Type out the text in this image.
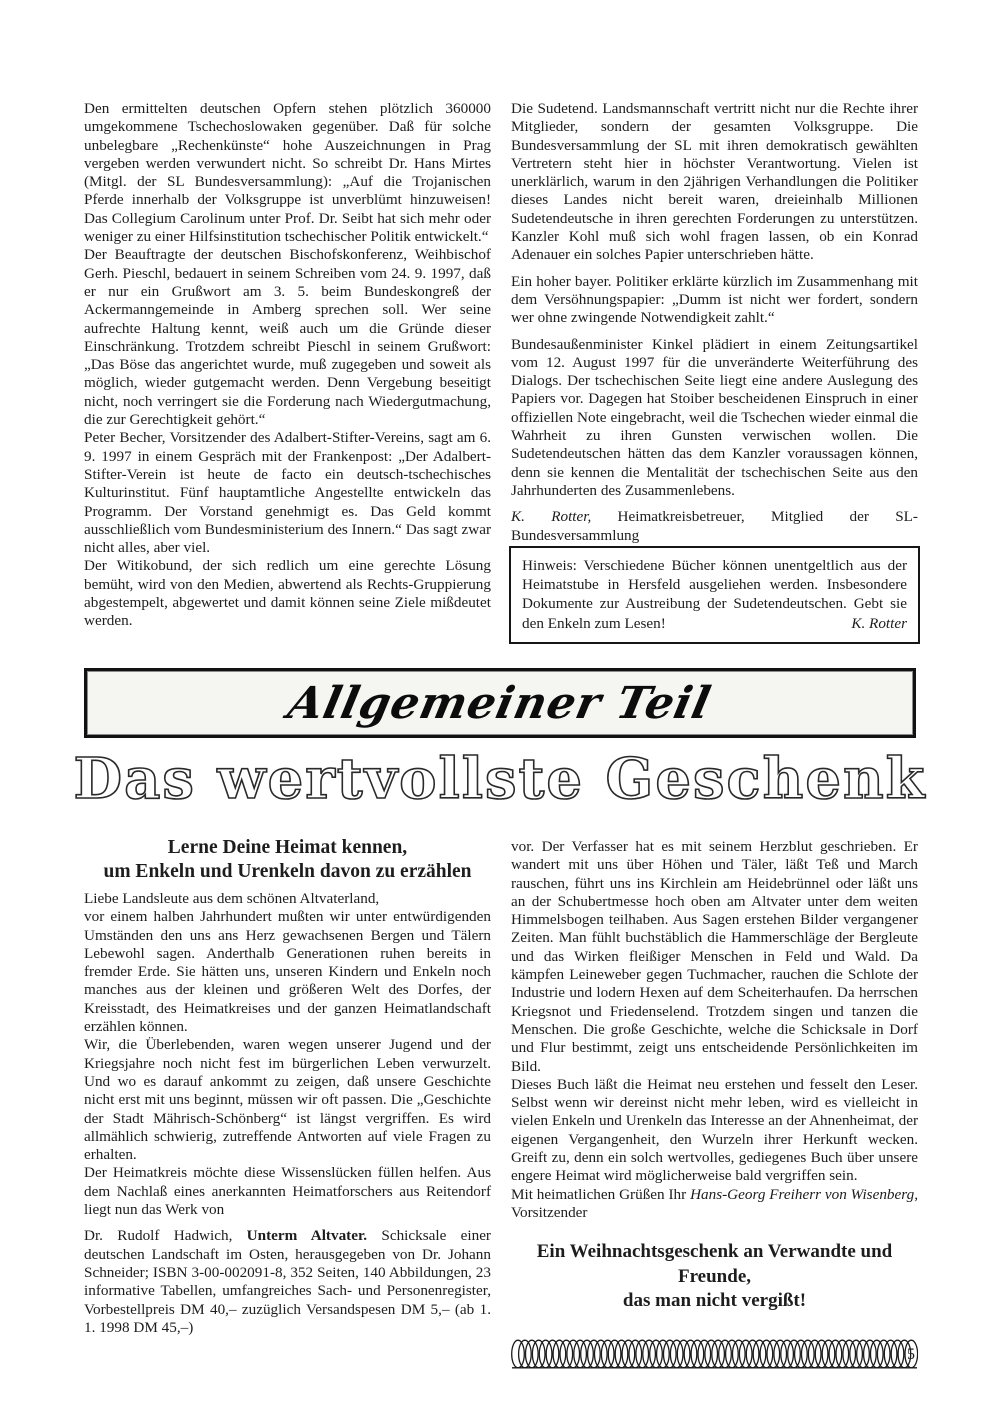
Den ermittelten deutschen Opfern stehen plötzlich 360000 umgekommene Tschechoslowaken gegenüber. Daß für solche unbelegbare „Rechenkünste“ hohe Auszeichnungen in Prag vergeben werden verwundert nicht. So schreibt Dr. Hans Mirtes (Mitgl. der SL Bundesversammlung): „Auf die Trojanischen Pferde innerhalb der Volksgruppe ist unverblümt hinzuweisen! Das Collegium Carolinum unter Prof. Dr. Seibt hat sich mehr oder weniger zu einer Hilfsinstitution tschechischer Politik entwickelt.“

Der Beauftragte der deutschen Bischofskonferenz, Weihbischof Gerh. Pieschl, bedauert in seinem Schreiben vom 24. 9. 1997, daß er nur ein Grußwort am 3. 5. beim Bundeskongreß der Ackermanngemeinde in Amberg sprechen soll. Wer seine aufrechte Haltung kennt, weiß auch um die Gründe dieser Einschränkung. Trotzdem schreibt Pieschl in seinem Grußwort: „Das Böse das angerichtet wurde, muß zugegeben und soweit als möglich, wieder gutgemacht werden. Denn Vergebung beseitigt nicht, noch verringert sie die Forderung nach Wiedergutmachung, die zur Gerechtigkeit gehört.“

Peter Becher, Vorsitzender des Adalbert-Stifter-Vereins, sagt am 6. 9. 1997 in einem Gespräch mit der Frankenpost: „Der Adalbert-Stifter-Verein ist heute de facto ein deutsch-tschechisches Kulturinstitut. Fünf hauptamtliche Angestellte entwickeln das Programm. Der Vorstand genehmigt es. Das Geld kommt ausschließlich vom Bundesministerium des Innern.“ Das sagt zwar nicht alles, aber viel.

Der Witikobund, der sich redlich um eine gerechte Lösung bemüht, wird von den Medien, abwertend als Rechts-Gruppierung abgestempelt, abgewertet und damit können seine Ziele mißdeutet werden.

Die Sudetend. Landsmannschaft vertritt nicht nur die Rechte ihrer Mitglieder, sondern der gesamten Volksgruppe. Die Bundesversammlung der SL mit ihren demokratisch gewählten Vertretern steht hier in höchster Verantwortung. Vielen ist unerklärlich, warum in den 2jährigen Verhandlungen die Politiker dieses Landes nicht bereit waren, dreieinhalb Millionen Sudetendeutsche in ihren gerechten Forderungen zu unterstützen. Kanzler Kohl muß sich wohl fragen lassen, ob ein Konrad Adenauer ein solches Papier unterschrieben hätte.

Ein hoher bayer. Politiker erklärte kürzlich im Zusammenhang mit dem Versöhnungspapier: „Dumm ist nicht wer fordert, sondern wer ohne zwingende Notwendigkeit zahlt.“

Bundesaußenminister Kinkel plädiert in einem Zeitungsartikel vom 12. August 1997 für die unveränderte Weiterführung des Dialogs. Der tschechischen Seite liegt eine andere Auslegung des Papiers vor. Dagegen hat Stoiber bescheidenen Einspruch in einer offiziellen Note eingebracht, weil die Tschechen wieder einmal die Wahrheit zu ihren Gunsten verwischen wollen. Die Sudetendeutschen hätten das dem Kanzler voraussagen können, denn sie kennen die Mentalität der tschechischen Seite aus den Jahrhunderten des Zusammenlebens.

K. Rotter, Heimatkreisbetreuer, Mitglied der SL-Bundesversammlung

Hinweis: Verschiedene Bücher können unentgeltlich aus der Heimatstube in Hersfeld ausgeliehen werden. Insbesondere Dokumente zur Austreibung der Sudetendeutschen. Gebt sie

den Enkeln zum Lesen!	K. Rotter
Allgemeiner Teil
Das wertvollste Geschenk
Lerne Deine Heimat kennen,
um Enkeln und Urenkeln davon zu erzählen

Liebe Landsleute aus dem schönen Altvaterland,

vor einem halben Jahrhundert mußten wir unter entwürdigenden Umständen den uns ans Herz gewachsenen Bergen und Tälern Lebewohl sagen. Anderthalb Generationen ruhen bereits in fremder Erde. Sie hätten uns, unseren Kindern und Enkeln noch manches aus der kleinen und größeren Welt des Dorfes, der Kreisstadt, des Heimatkreises und der ganzen Heimatlandschaft erzählen können.

Wir, die Überlebenden, waren wegen unserer Jugend und der Kriegsjahre noch nicht fest im bürgerlichen Leben verwurzelt. Und wo es darauf ankommt zu zeigen, daß unsere Geschichte nicht erst mit uns beginnt, müssen wir oft passen. Die „Geschichte der Stadt Mährisch-Schönberg“ ist längst vergriffen. Es wird allmählich schwierig, zutreffende Antworten auf viele Fragen zu erhalten.

Der Heimatkreis möchte diese Wissenslücken füllen helfen. Aus dem Nachlaß eines anerkannten Heimatforschers aus Reitendorf liegt nun das Werk von

Dr. Rudolf Hadwich, Unterm Altvater. Schicksale einer deutschen Landschaft im Osten, herausgegeben von Dr. Johann Schneider; ISBN 3-00-002091-8, 352 Seiten, 140 Abbildungen, 23 informative Tabellen, umfangreiches Sach- und Personenregister, Vorbestellpreis DM 40,– zuzüglich Versandspesen DM 5,– (ab 1. 1. 1998 DM 45,–)

vor. Der Verfasser hat es mit seinem Herzblut geschrieben. Er wandert mit uns über Höhen und Täler, läßt Teß und March rauschen, führt uns ins Kirchlein am Heidebrünnel oder läßt uns an der Schubertmesse hoch oben am Altvater unter dem weiten Himmelsbogen teilhaben. Aus Sagen erstehen Bilder vergangener Zeiten. Man fühlt buchstäblich die Hammerschläge der Bergleute und das Wirken fleißiger Menschen in Feld und Wald. Da kämpfen Leineweber gegen Tuchmacher, rauchen die Schlote der Industrie und lodern Hexen auf dem Scheiterhaufen. Da herrschen Kriegsnot und Friedenselend. Trotzdem singen und tanzen die Menschen. Die große Geschichte, welche die Schicksale in Dorf und Flur bestimmt, zeigt uns entscheidende Persönlichkeiten im Bild.

Dieses Buch läßt die Heimat neu erstehen und fesselt den Leser. Selbst wenn wir dereinst nicht mehr leben, wird es vielleicht in vielen Enkeln und Urenkeln das Interesse an der Ahnenheimat, der eigenen Vergangenheit, den Wurzeln ihrer Herkunft wecken. Greift zu, denn ein solch wertvolles, gediegenes Buch über unsere engere Heimat wird möglicherweise bald vergriffen sein.

Mit heimatlichen Grüßen Ihr Hans-Georg Freiherr von Wisenberg, Vorsitzender

Ein Weihnachtsgeschenk an Verwandte und Freunde,
das man nicht vergißt!
5
